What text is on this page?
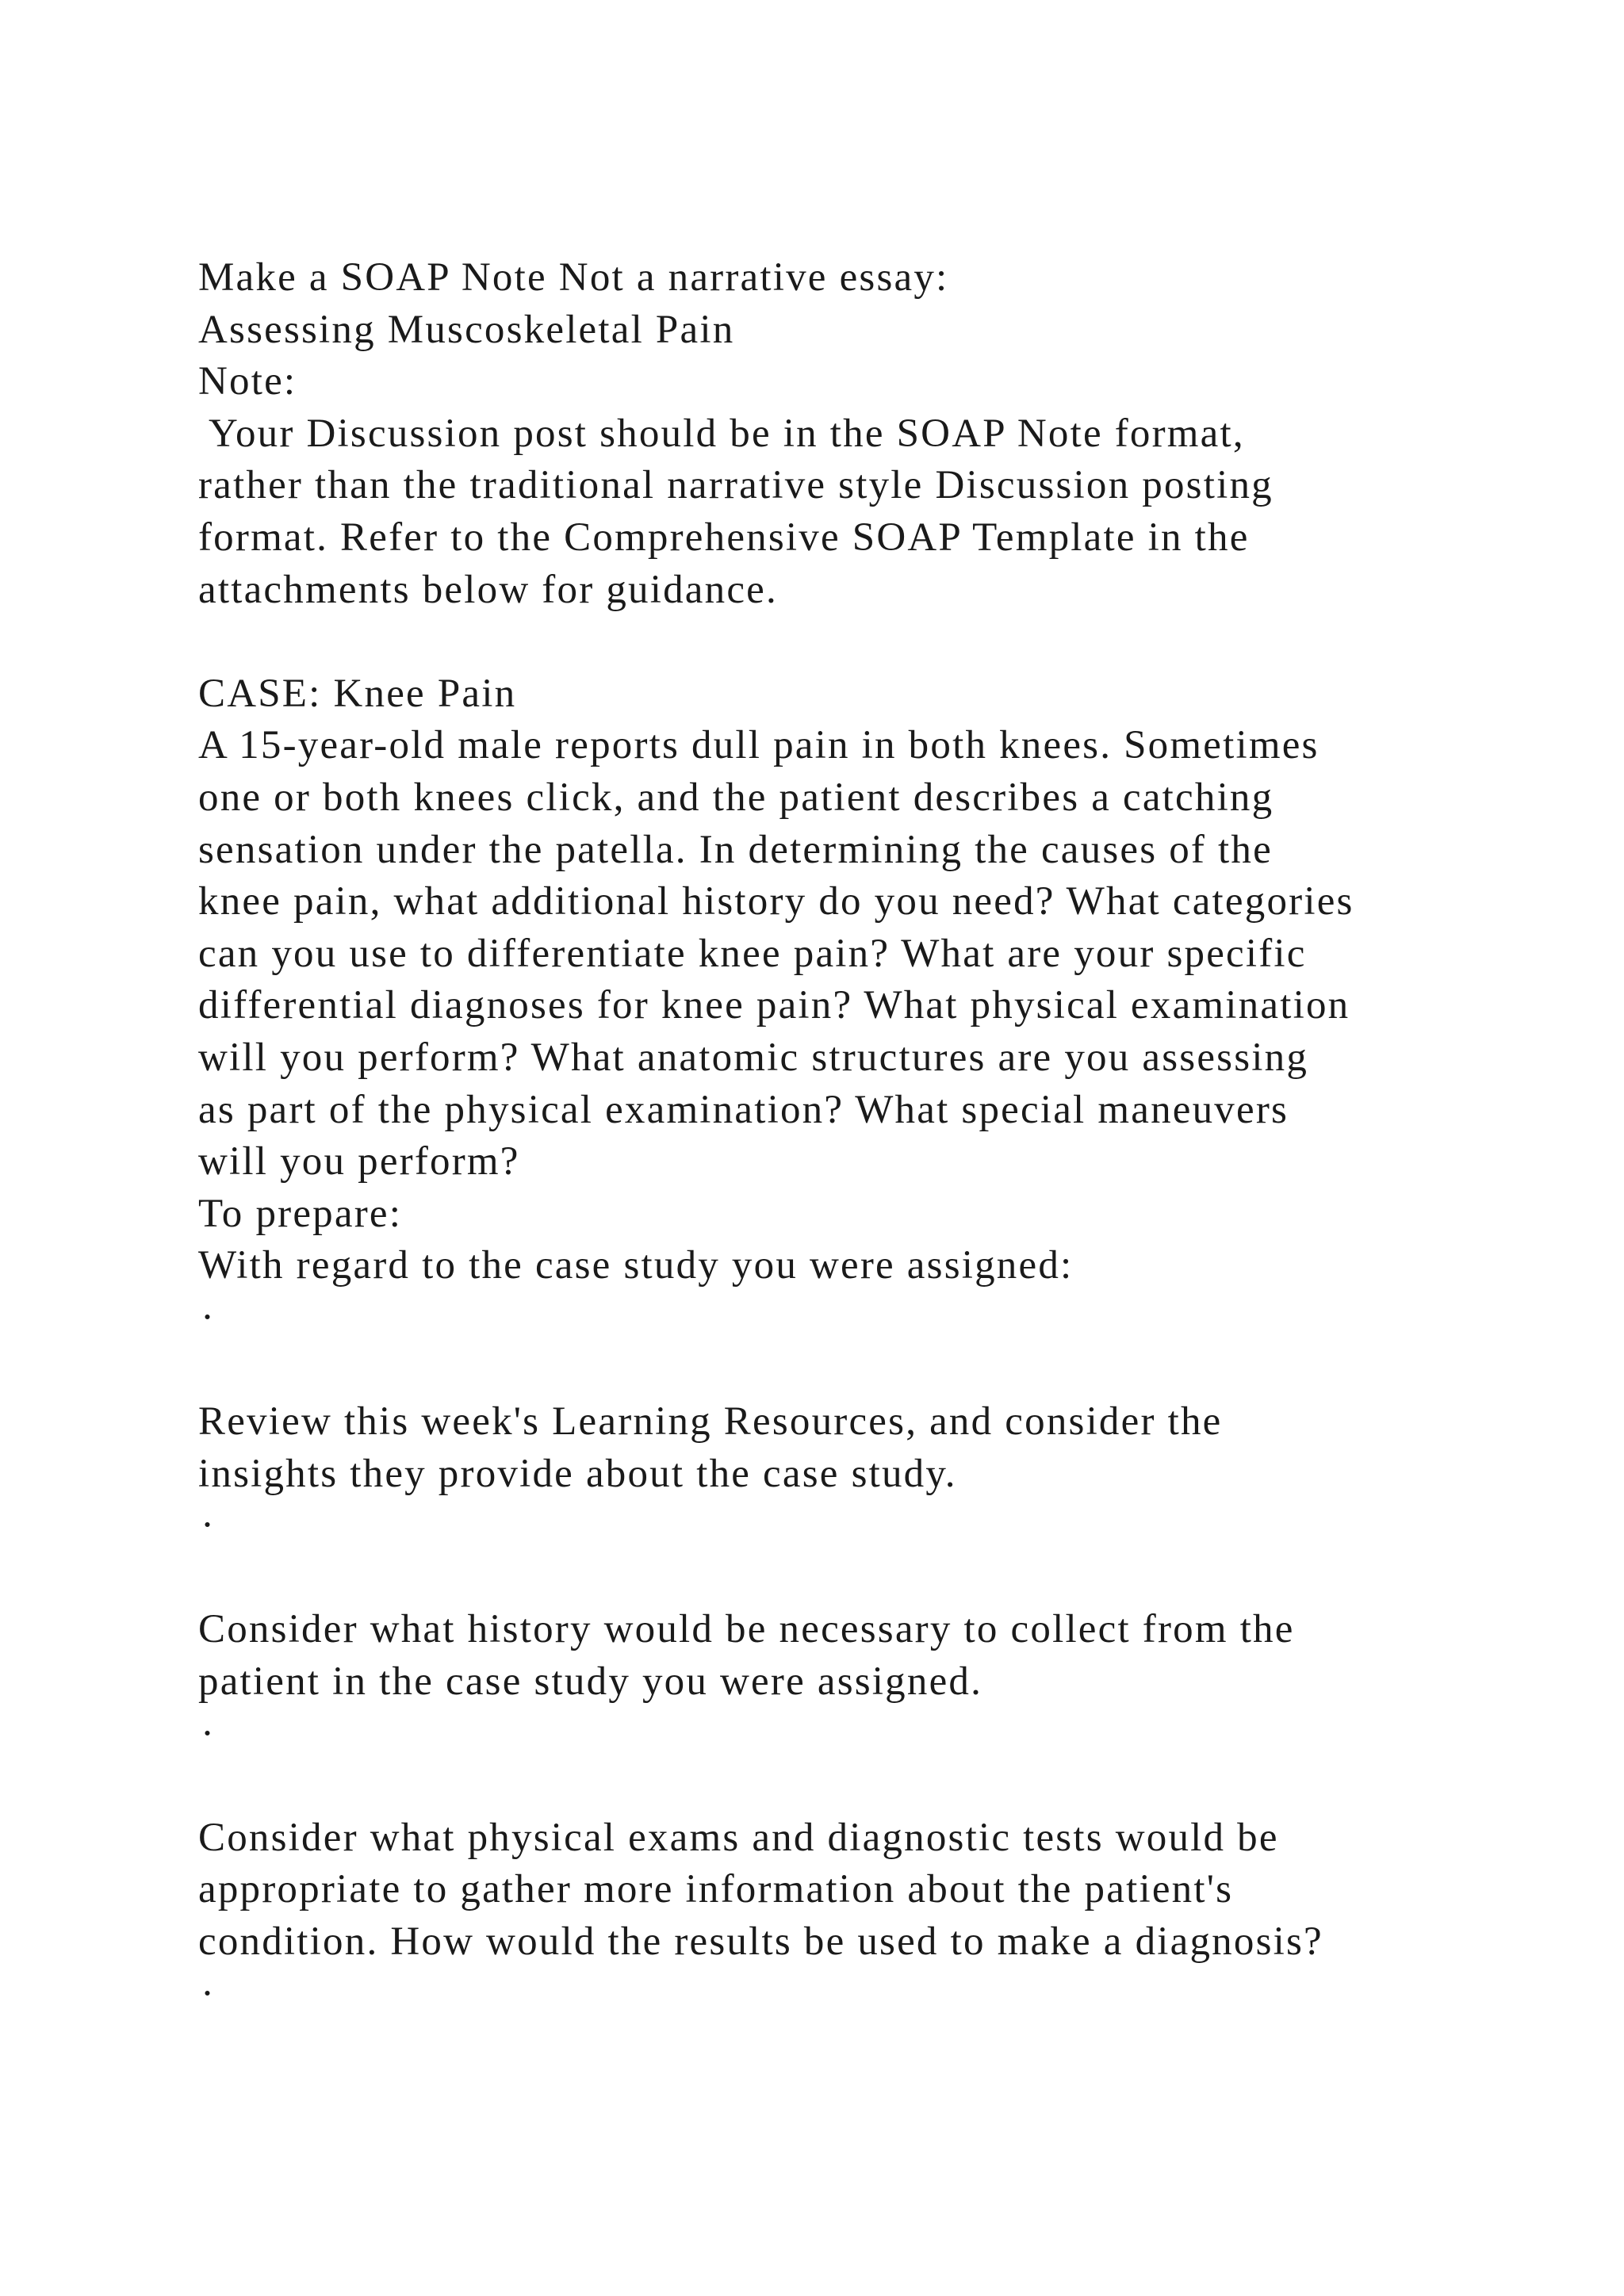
Make a SOAP Note Not a narrative essay:
Assessing Muscoskeletal Pain
Note:
Your Discussion post should be in the SOAP Note format,
rather than the traditional narrative style Discussion posting
format. Refer to the Comprehensive SOAP Template in the
attachments below for guidance.
CASE: Knee Pain
A 15-year-old male reports dull pain in both knees. Sometimes
one or both knees click, and the patient describes a catching
sensation under the patella. In determining the causes of the
knee pain, what additional history do you need? What categories
can you use to differentiate knee pain? What are your specific
differential diagnoses for knee pain? What physical examination
will you perform? What anatomic structures are you assessing
as part of the physical examination? What special maneuvers
will you perform?
To prepare:
With regard to the case study you were assigned:
·
Review this week's Learning Resources, and consider the
insights they provide about the case study.
·
Consider what history would be necessary to collect from the
patient in the case study you were assigned.
·
Consider what physical exams and diagnostic tests would be
appropriate to gather more information about the patient's
condition. How would the results be used to make a diagnosis?
·
